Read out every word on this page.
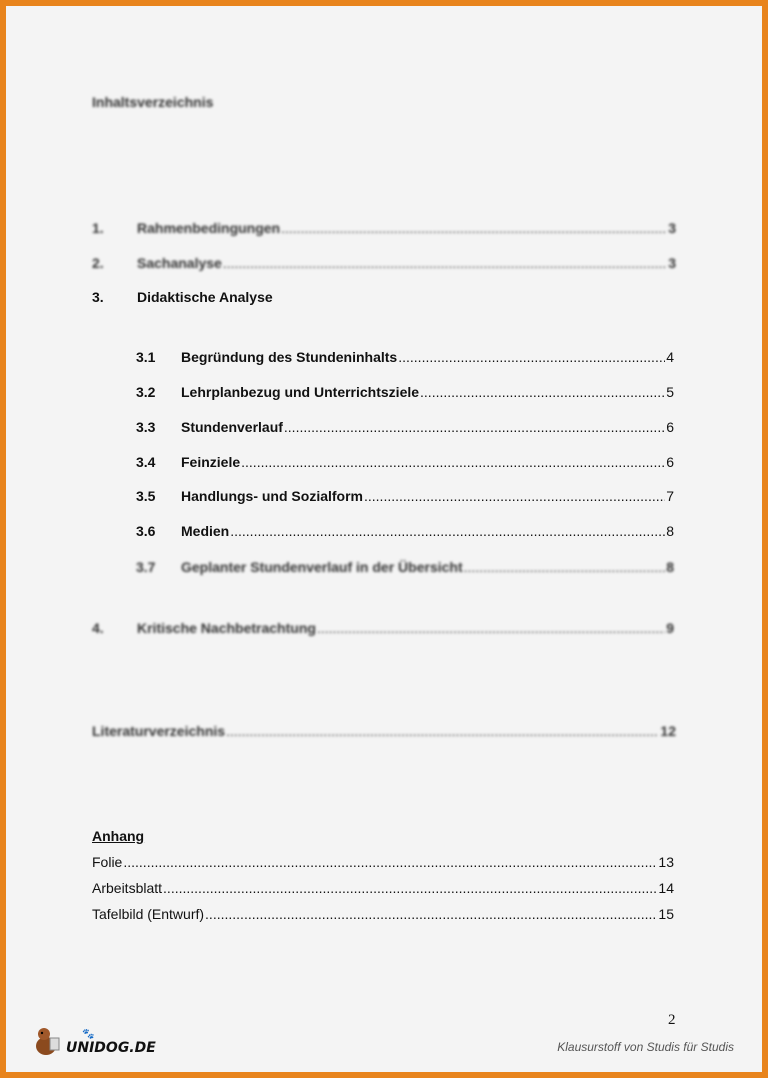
Inhaltsverzeichnis
1.	Rahmenbedingungen .....	3
2.	Sachanalyse .....	3
3.	Didaktische Analyse
3.1	Begründung des Stundeninhalts .....	4
3.2	Lehrplanbezug und Unterrichtsziele .....	5
3.3	Stundenverlauf .....	6
3.4	Feinziele .....	6
3.5	Handlungs- und Sozialform .....	7
3.6	Medien .....	8
3.7	Geplanter Stundenverlauf in der Übersicht .....	8
4.	Kritische Nachbetrachtung .....	9
Literaturverzeichnis .....	12
Anhang
Folie .....	13
Arbeitsblatt .....	14
Tafelbild (Entwurf) .....	15
2
🐾
UNIDOG.DE	Klausurstoff von Studis für Studis
